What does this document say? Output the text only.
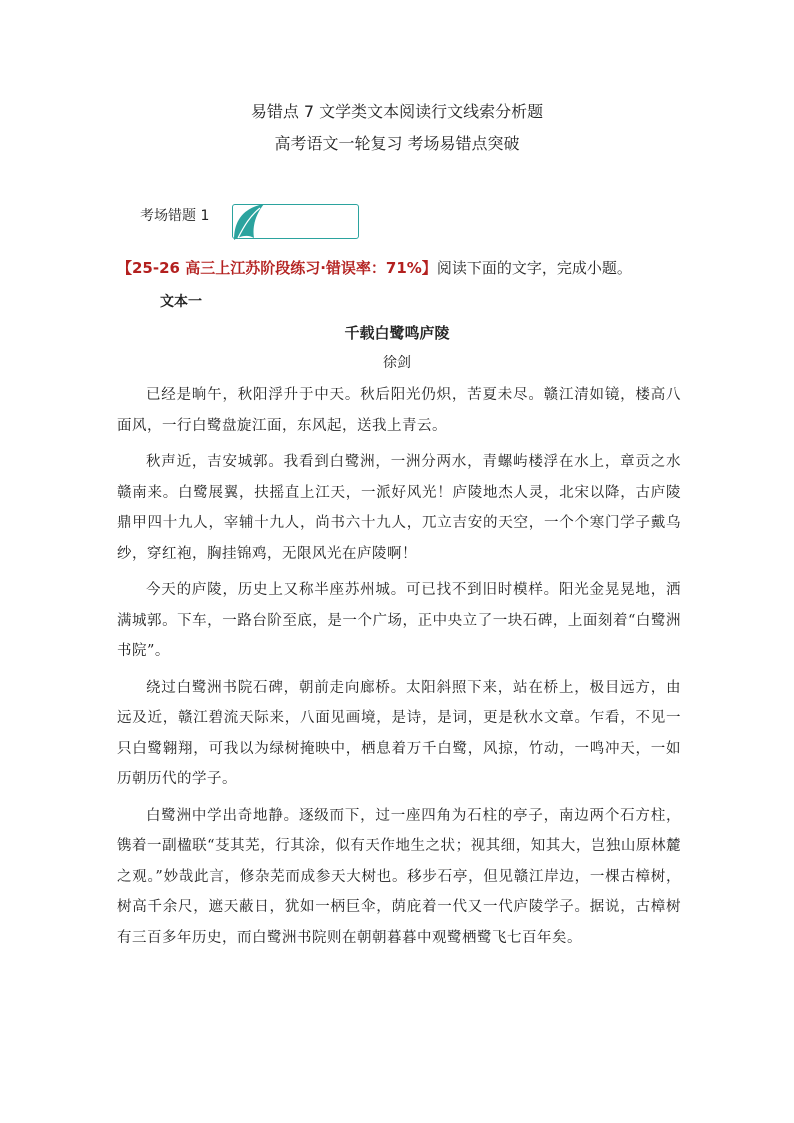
易错点 7 文学类文本阅读行文线索分析题
高考语文一轮复习 考场易错点突破
考场错题 1
【25-26 高三上江苏阶段练习·错误率：71%】阅读下面的文字，完成小题。
文本一
千载白鹭鸣庐陵
徐剑

已经是晌午，秋阳浮升于中天。秋后阳光仍炽，苦夏未尽。赣江清如镜，楼高八面风，一行白鹭盘旋江面，东风起，送我上青云。

秋声近，吉安城郭。我看到白鹭洲，一洲分两水，青螺屿楼浮在水上，章贡之水赣南来。白鹭展翼，扶摇直上江天，一派好风光！庐陵地杰人灵，北宋以降，古庐陵鼎甲四十九人，宰辅十九人，尚书六十九人，兀立吉安的天空，一个个寒门学子戴乌纱，穿红袍，胸挂锦鸡，无限风光在庐陵啊！

今天的庐陵，历史上又称半座苏州城。可已找不到旧时模样。阳光金晃晃地，洒满城郭。下车，一路台阶至底，是一个广场，正中央立了一块石碑，上面刻着“白鹭洲书院”。

绕过白鹭洲书院石碑，朝前走向廊桥。太阳斜照下来，站在桥上，极目远方，由远及近，赣江碧流天际来，八面见画境，是诗，是词，更是秋水文章。乍看，不见一只白鹭翱翔，可我以为绿树掩映中，栖息着万千白鹭，风掠，竹动，一鸣冲天，一如历朝历代的学子。

白鹭洲中学出奇地静。逐级而下，过一座四角为石柱的亭子，南边两个石方柱，镌着一副楹联“芟其芜，行其涂，似有天作地生之状；视其细，知其大，岂独山原林麓之观。”妙哉此言，修杂芜而成参天大树也。移步石亭，但见赣江岸边，一棵古樟树，树高千余尺，遮天蔽日，犹如一柄巨伞，荫庇着一代又一代庐陵学子。据说，古樟树有三百多年历史，而白鹭洲书院则在朝朝暮暮中观鹭栖鹭飞七百年矣。
